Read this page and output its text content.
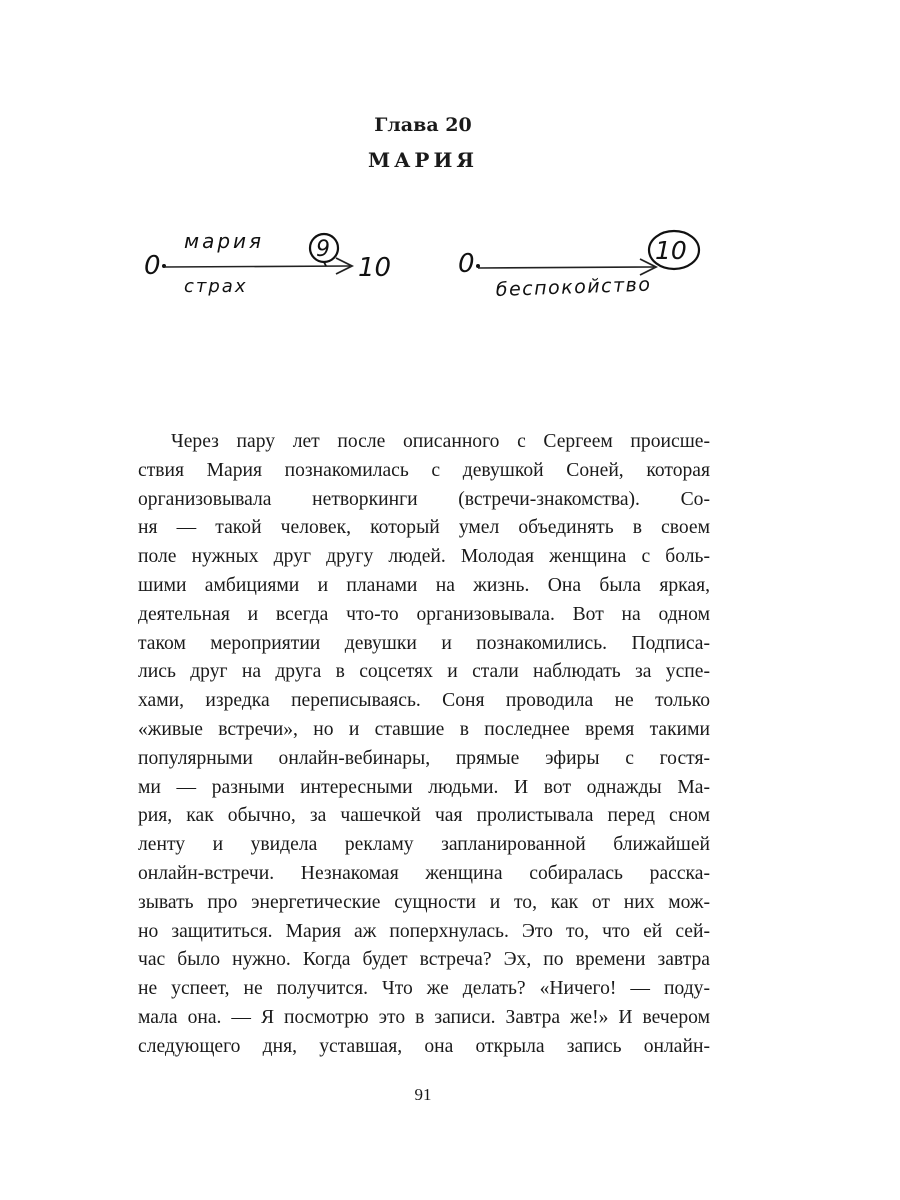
Глава 20
МАРИЯ
0
мария
страх
9
10	0
беспокойство
10
Через пару лет после описанного с Сергеем происше-
ствия Мария познакомилась с девушкой Соней, которая
организовывала нетворкинги (встречи-знакомства). Со-
ня — такой человек, который умел объединять в своем
поле нужных друг другу людей. Молодая женщина с боль-
шими амбициями и планами на жизнь. Она была яркая,
деятельная и всегда что-то организовывала. Вот на одном
таком мероприятии девушки и познакомились. Подписа-
лись друг на друга в соцсетях и стали наблюдать за успе-
хами, изредка переписываясь. Соня проводила не только
«живые встречи», но и ставшие в последнее время такими
популярными онлайн-вебинары, прямые эфиры с гостя-
ми — разными интересными людьми. И вот однажды Ма-
рия, как обычно, за чашечкой чая пролистывала перед сном
ленту и увидела рекламу запланированной ближайшей
онлайн-встречи. Незнакомая женщина собиралась расска-
зывать про энергетические сущности и то, как от них мож-
но защититься. Мария аж поперхнулась. Это то, что ей сей-
час было нужно. Когда будет встреча? Эх, по времени завтра
не успеет, не получится. Что же делать? «Ничего! — поду-
мала она. — Я посмотрю это в записи. Завтра же!» И вечером
следующего дня, уставшая, она открыла запись онлайн-
91
